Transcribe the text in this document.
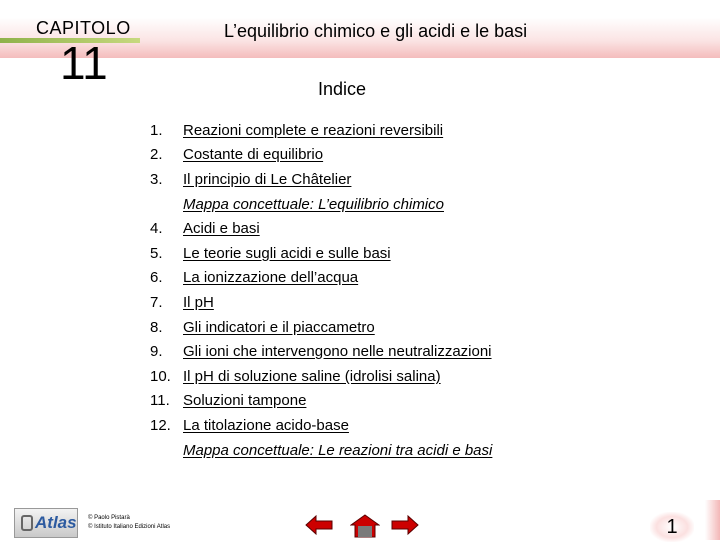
CAPITOLO
11
L’equilibrio chimico e gli acidi e le basi
Indice
1.	Reazioni complete e reazioni reversibili
2.	Costante di equilibrio
3.	Il principio di Le Châtelier
Mappa concettuale: L’equilibrio chimico
4.	Acidi e basi
5.	Le teorie sugli acidi e sulle basi
6.	La ionizzazione dell’acqua
7.	Il pH
8.	Gli indicatori e il piaccametro
9.	Gli ioni che intervengono nelle neutralizzazioni
10. Il pH di soluzione saline (idrolisi salina)
11. Soluzioni tampone
12. La titolazione acido-base
Mappa concettuale: Le reazioni tra acidi e basi
Atlas © Paolo Pistarà
© Istituto Italiano Edizioni Atlas	1
